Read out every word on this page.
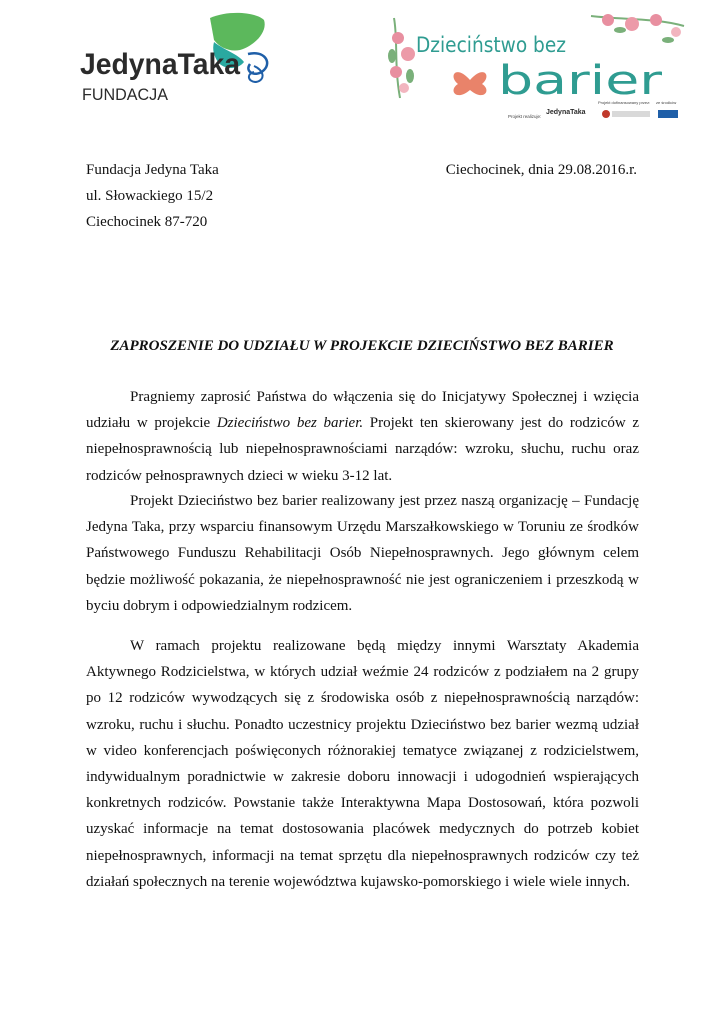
JedynaTaka
FUNDACJA
Dzieciństwo bez
barier
Projekt realizuje:
JedynaTaka
Projekt dofinansowany przez: ze środków
Fundacja Jedyna Taka
ul. Słowackiego 15/2
Ciechocinek 87-720
Ciechocinek, dnia 29.08.2016.r.
ZAPROSZENIE DO UDZIAŁU W PROJEKCIE DZIECIŃSTWO BEZ BARIER

Pragniemy zaprosić Państwa do włączenia się do Inicjatywy Społecznej i wzięcia udziału w projekcie Dzieciństwo bez barier. Projekt ten skierowany jest do rodziców z niepełnosprawnością lub niepełnosprawnościami narządów: wzroku, słuchu, ruchu oraz rodziców pełnosprawnych dzieci w wieku 3-12 lat.

Projekt Dzieciństwo bez barier realizowany jest przez naszą organizację – Fundację Jedyna Taka, przy wsparciu finansowym Urzędu Marszałkowskiego w Toruniu ze środków Państwowego Funduszu Rehabilitacji Osób Niepełnosprawnych. Jego głównym celem będzie możliwość pokazania, że niepełnosprawność nie jest ograniczeniem i przeszkodą w byciu dobrym i odpowiedzialnym rodzicem.

W ramach projektu realizowane będą między innymi Warsztaty Akademia Aktywnego Rodzicielstwa, w których udział weźmie 24 rodziców z podziałem na 2 grupy po 12 rodziców wywodzących się z środowiska osób z niepełnosprawnością narządów: wzroku, ruchu i słuchu. Ponadto uczestnicy projektu Dzieciństwo bez barier wezmą udział w video konferencjach poświęconych różnorakiej tematyce związanej z rodzicielstwem, indywidualnym poradnictwie w zakresie doboru innowacji i udogodnień wspierających konkretnych rodziców. Powstanie także Interaktywna Mapa Dostosowań, która pozwoli uzyskać informacje na temat dostosowania placówek medycznych do potrzeb kobiet niepełnosprawnych, informacji na temat sprzętu dla niepełnosprawnych rodziców czy też działań społecznych na terenie województwa kujawsko-pomorskiego i wiele wiele innych.
